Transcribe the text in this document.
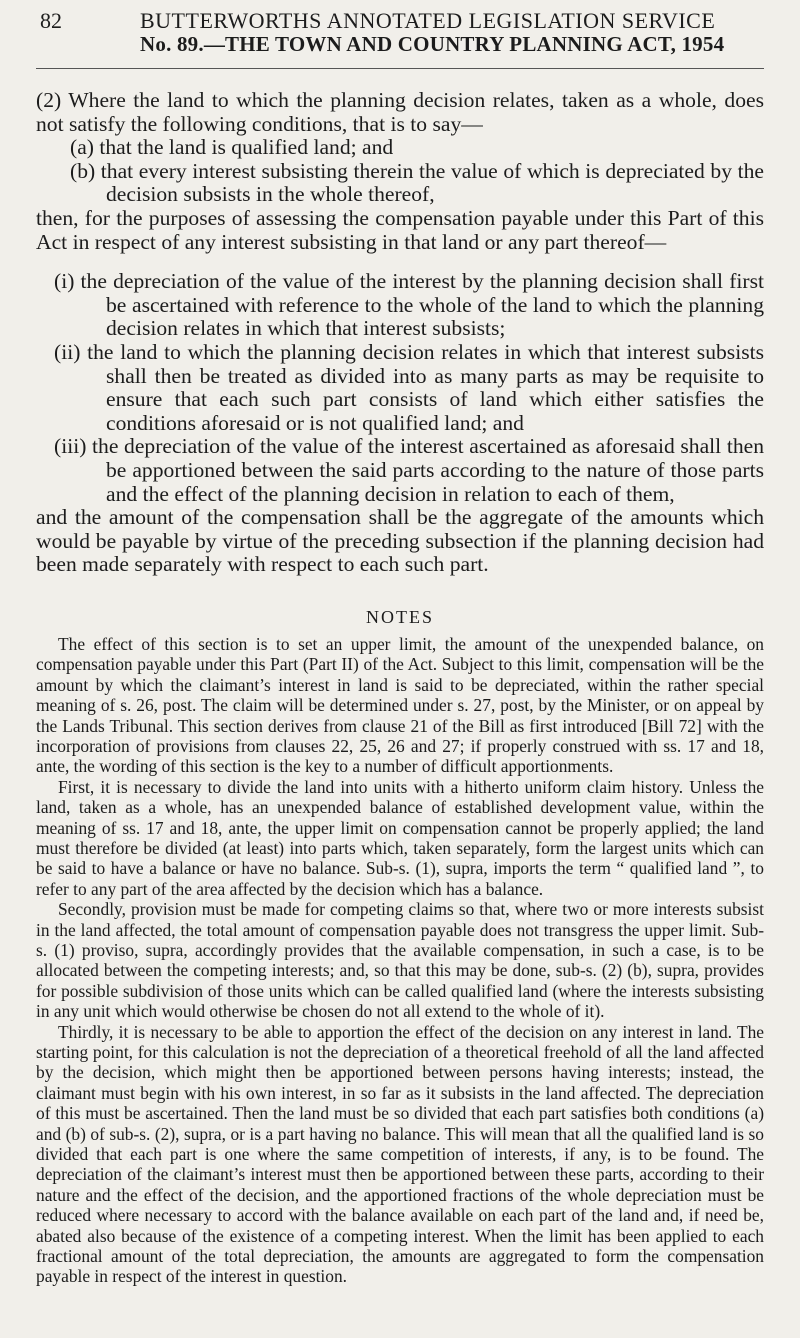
82	BUTTERWORTHS ANNOTATED LEGISLATION SERVICE
No. 89.—THE TOWN AND COUNTRY PLANNING ACT, 1954

(2) Where the land to which the planning decision relates, taken as a whole, does not satisfy the following conditions, that is to say—

(a) that the land is qualified land; and

(b) that every interest subsisting therein the value of which is depreciated by the decision subsists in the whole thereof,

then, for the purposes of assessing the compensation payable under this Part of this Act in respect of any interest subsisting in that land or any part thereof—

(i) the depreciation of the value of the interest by the planning decision shall first be ascertained with reference to the whole of the land to which the planning decision relates in which that interest subsists;

(ii) the land to which the planning decision relates in which that interest subsists shall then be treated as divided into as many parts as may be requisite to ensure that each such part consists of land which either satisfies the conditions aforesaid or is not qualified land; and

(iii) the depreciation of the value of the interest ascertained as aforesaid shall then be apportioned between the said parts according to the nature of those parts and the effect of the planning decision in relation to each of them,

and the amount of the compensation shall be the aggregate of the amounts which would be payable by virtue of the preceding subsection if the planning decision had been made separately with respect to each such part.

NOTES

The effect of this section is to set an upper limit, the amount of the unexpended balance, on compensation payable under this Part (Part II) of the Act. Subject to this limit, compensation will be the amount by which the claimant’s interest in land is said to be depreciated, within the rather special meaning of s. 26, post. The claim will be determined under s. 27, post, by the Minister, or on appeal by the Lands Tribunal. This section derives from clause 21 of the Bill as first introduced [Bill 72] with the incorporation of provisions from clauses 22, 25, 26 and 27; if properly construed with ss. 17 and 18, ante, the wording of this section is the key to a number of difficult apportionments.

First, it is necessary to divide the land into units with a hitherto uniform claim history. Unless the land, taken as a whole, has an unexpended balance of established development value, within the meaning of ss. 17 and 18, ante, the upper limit on compensation cannot be properly applied; the land must therefore be divided (at least) into parts which, taken separately, form the largest units which can be said to have a balance or have no balance. Sub-s. (1), supra, imports the term “ qualified land ”, to refer to any part of the area affected by the decision which has a balance.

Secondly, provision must be made for competing claims so that, where two or more interests subsist in the land affected, the total amount of compensation payable does not transgress the upper limit. Sub-s. (1) proviso, supra, accordingly provides that the available compensation, in such a case, is to be allocated between the competing interests; and, so that this may be done, sub-s. (2) (b), supra, provides for possible subdivision of those units which can be called qualified land (where the interests subsisting in any unit which would otherwise be chosen do not all extend to the whole of it).

Thirdly, it is necessary to be able to apportion the effect of the decision on any interest in land. The starting point, for this calculation is not the depreciation of a theoretical freehold of all the land affected by the decision, which might then be apportioned between persons having interests; instead, the claimant must begin with his own interest, in so far as it subsists in the land affected. The depreciation of this must be ascertained. Then the land must be so divided that each part satisfies both conditions (a) and (b) of sub-s. (2), supra, or is a part having no balance. This will mean that all the qualified land is so divided that each part is one where the same competition of interests, if any, is to be found. The depreciation of the claimant’s interest must then be apportioned between these parts, according to their nature and the effect of the decision, and the apportioned fractions of the whole depreciation must be reduced where necessary to accord with the balance available on each part of the land and, if need be, abated also because of the existence of a competing interest. When the limit has been applied to each fractional amount of the total depreciation, the amounts are aggregated to form the compensation payable in respect of the interest in question.
